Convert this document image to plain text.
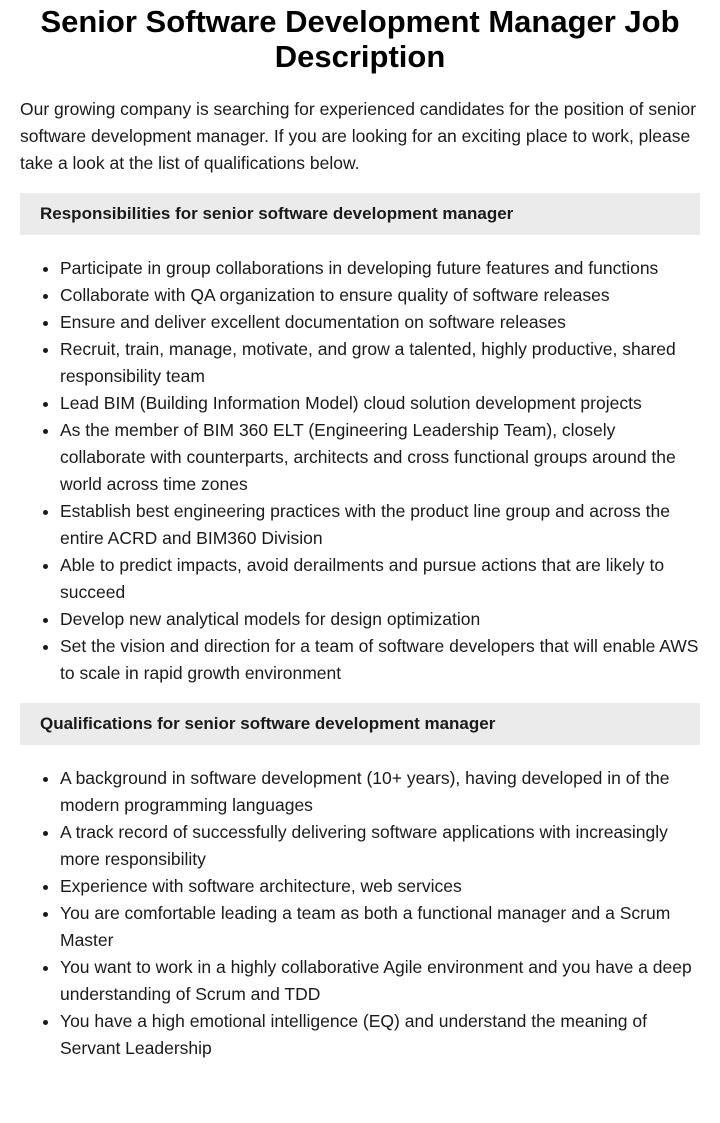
Senior Software Development Manager Job Description

Our growing company is searching for experienced candidates for the position of senior software development manager. If you are looking for an exciting place to work, please take a look at the list of qualifications below.

Responsibilities for senior software development manager
• Participate in group collaborations in developing future features and functions
• Collaborate with QA organization to ensure quality of software releases
• Ensure and deliver excellent documentation on software releases
• Recruit, train, manage, motivate, and grow a talented, highly productive, shared responsibility team
• Lead BIM (Building Information Model) cloud solution development projects
• As the member of BIM 360 ELT (Engineering Leadership Team), closely collaborate with counterparts, architects and cross functional groups around the world across time zones
• Establish best engineering practices with the product line group and across the entire ACRD and BIM360 Division
• Able to predict impacts, avoid derailments and pursue actions that are likely to succeed
• Develop new analytical models for design optimization
• Set the vision and direction for a team of software developers that will enable AWS to scale in rapid growth environment
Qualifications for senior software development manager
• A background in software development (10+ years), having developed in of the modern programming languages
• A track record of successfully delivering software applications with increasingly more responsibility
• Experience with software architecture, web services
• You are comfortable leading a team as both a functional manager and a Scrum Master
• You want to work in a highly collaborative Agile environment and you have a deep understanding of Scrum and TDD
• You have a high emotional intelligence (EQ) and understand the meaning of Servant Leadership
